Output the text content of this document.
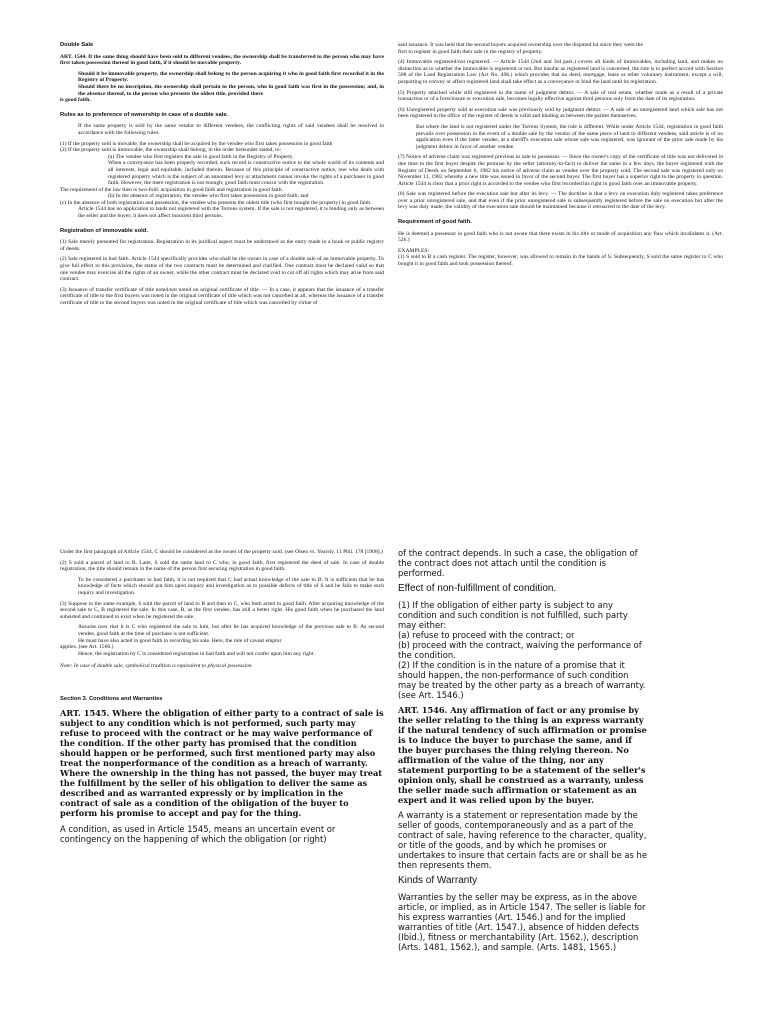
Double Sale

ART. 1544. If the same thing should have been sold to different vendees, the ownership shall be transferred to the person who may have first taken possession thereof in good faith, if it should be movable property.

Should it be immovable property, the ownership shall belong to the person acquiring it who in good faith first recorded it in the Registry of Property.

Should there be no inscription, the ownership shall pertain to the person, who in good faith was first in the possession; and, in the absence thereof, to the person who presents the oldest title, provided there

is good faith.

Rules as to preference of ownership in case of a double sale.

If the same property is sold by the same vendor to different vendees, the conflicting rights of said vendees shall be resolved in accordance with the following rules:

(1) If the property sold is movable, the ownership shall be acquired by the vendee who first takes possession in good faith

(2) If the property sold is immovable, the ownership shall belong, in the order hereunder stated, to:

(a) The vendee who first registers the sale in good faith in the Registry of Property.

When a conveyance has been properly recorded, such record is constructive notice to the whole world of its contents and all interests, legal and equitable, included therein. Because of this principle of constructive notice, one who deals with registered property which is the subject of an annotated levy or attachment cannot invoke the rights of a purchaser in good faith. However, the mere registration is not enough; good faith must concur with the registration.

The requirement of the law then is two-fold: acquisition in good faith and registration in good faith.

(b) In the absence of registration, the vendee who first takes possession in good faith; and

(c) In the absence of both registration and possession, the vendee who presents the oldest title (who first bought the property) in good faith.

Article 1544 has no application to lands not registered with the Torrens system. If the sale is not registered, it is binding only as between the seller and the buyer; it does not affect innocent third persons.

Registration of immovable sold.

(1) Sale merely presented for registration. Registration in its juridical aspect must be understood as the entry made in a book or public registry of deeds.

(2) Sale registered in bad faith. Article 1544 specifically provides who shall be the owner in case of a double sale of an immovable property. To give full effect to this provision, the status of the two contracts must be determined and clarified. One contract must be declared valid so that one vendee may exercise all the rights of an owner, while the other contract must be declared void to cut off all rights which may arise from said contract.

(3) Issuance of transfer certificate of title noted/not noted on original certificate of title. — In a case, it appears that the issuance of a transfer certificate of title to the first buyers was noted in the original certificate of title which was not cancelled at all, whereas the issuance of a transfer certificate of title to the second buyers was noted in the original certificate of title which was cancelled by virtue of

said issuance. It was held that the second buyers acquired ownership over the disputed lot since they were the

first to register in good faith their sale in the registry of property.

(4) Immovable registered/not registered. — Article 1544 (2nd and 3rd pars.) covers all kinds of immovables, including land, and makes no distinction as to whether the immovable is registered or not. But insofar as registered land is concerned, the rule is in perfect accord with Section 508 of the Land Registration Law (Act No. 496.) which provides that no deed, mortgage, lease or other voluntary instrument, except a will, purporting to convey or affect registered land shall take effect as a conveyance or bind the land until its registration.

(5) Property attached while still registered in the name of judgment debtor. — A sale of real estate, whether made as a result of a private transaction or of a foreclosure or execution sale, becomes legally effective against third persons only from the date of its registration.

(6) Unregistered property sold at execution sale was previously sold by judgment debtor. — A sale of an unregistered land which sale has not been registered in the office of the register of deeds is valid and binding as between the parties themselves.

But where the land is not registered under the Torrens System, the rule is different. While under Article 1544, registration in good faith prevails over possession in the event of a double sale by the vendor of the same piece of land to different vendees, said article is of no application even if the latter vendee, at a sheriff's execution sale whose sale was registered, was ignorant of the prior sale made by his judgment debtor in favor of another vendee.

(7) Notice of adverse claim was registered previous to sale to possessor. — Since the owner's copy of the certificate of title was not delivered in due time to the first buyer despite the promise by the seller (attorney-in-fact) to deliver the same in a few days, the buyer registered with the Register of Deeds on September 6, 1982 his notice of adverse claim as vendee over the property sold. The second sale was registered only on November 11, 1982 whereby a new title was issued in favor of the second buyer. The first buyer has a superior right to the property in question. Article 1544 is clear that a prior right is accorded to the vendee who first recorded his right in good faith over an immovable property.

(8) Sale was registered before the execution sale but after its levy. — The doctrine is that a levy on execution duly registered takes preference over a prior unregistered sale, and that even if the prior unregistered sale is subsequently registered before the sale on execution but after the levy was duly made, the validity of the execution sale should be maintained because it retroacted to the date of the levy.

Requirement of good faith.

He is deemed a possessor in good faith who is not aware that there exists in his title or mode of acquisition any flaw which invalidates it. (Art. 526.)

EXAMPLES:

(1) S sold to B a cash register. The register, however, was allowed to remain in the hands of S. Subsequently, S sold the same register to C who bought it in good faith and took possession thereof.

Under the first paragraph of Article 1544, C should be considered as the owner of the property sold. (see Olsen vs. Yearsly, 11 Phil. 178 [1908].)

(2) S sold a parcel of land to B. Later, S sold the same land to C who, in good faith, first registered the deed of sale. In case of double registration, the title should remain in the name of the person first securing registration in good faith.

To be considered a purchaser in bad faith, it is not required that C had actual knowledge of the sale to B. It is sufficient that he has knowledge of facts which should put him upon inquiry and investigation as to possible defects of title of S and he fails to make such inquiry and investigation.

(3) Suppose in the same example, S sold the parcel of land to B and then to C, who both acted in good faith. After acquiring knowledge of the second sale to C, B registered the sale. In this case, B, as the first vendee, has still a better right. His good faith when he purchased the land subsisted and continued to exist when he registered the sale.

Assume now that it is C who registered the sale to him, but after he has acquired knowledge of the previous sale to B. As second vendee, good faith at the time of purchase is not sufficient.

He must have also acted in good faith in recording his sale. Here, the rule of caveat emptor

applies. (see Art. 1566.)

Hence, the registration by C is considered registration in bad faith and will not confer upon him any right.

Note: In case of double sale, symbolical tradition is equivalent to physical possession.

Section 3. Conditions and Warranties

ART. 1545. Where the obligation of either party to a contract of sale is subject to any condition which is not performed, such party may refuse to proceed with the contract or he may waive performance of the condition. If the other party has promised that the condition should happen or be performed, such first mentioned party may also treat the nonperformance of the condition as a breach of warranty. Where the ownership in the thing has not passed, the buyer may treat the fulfillment by the seller of his obligation to deliver the same as described and as warranted expressly or by implication in the contract of sale as a condition of the obligation of the buyer to perform his promise to accept and pay for the thing.

A condition, as used in Article 1545, means an uncertain event or contingency on the happening of which the obligation (or right)

of the contract depends. In such a case, the obligation of the contract does not attach until the condition is performed.

Effect of non-fulfillment of condition.

(1) If the obligation of either party is subject to any condition and such condition is not fulfilled, such party may either:

(a) refuse to proceed with the contract; or

(b) proceed with the contract, waiving the performance of the condition.

(2) If the condition is in the nature of a promise that it should happen, the non-performance of such condition may be treated by the other party as a breach of warranty. (see Art. 1546.)

ART. 1546. Any affirmation of fact or any promise by the seller relating to the thing is an express warranty if the natural tendency of such affirmation or promise is to induce the buyer to purchase the same, and if the buyer purchases the thing relying thereon. No affirmation of the value of the thing, nor any statement purporting to be a statement of the seller's opinion only, shall be construed as a warranty, unless the seller made such affirmation or statement as an expert and it was relied upon by the buyer.

A warranty is a statement or representation made by the seller of goods, contemporaneously and as a part of the contract of sale, having reference to the character, quality, or title of the goods, and by which he promises or undertakes to insure that certain facts are or shall be as he then represents them.

Kinds of Warranty

Warranties by the seller may be express, as in the above article, or implied, as in Article 1547. The seller is liable for his express warranties (Art. 1546.) and for the implied warranties of title (Art. 1547.), absence of hidden defects (Ibid.), fitness or merchantability (Art. 1562.), description (Arts. 1481, 1562.), and sample. (Arts. 1481, 1565.)
